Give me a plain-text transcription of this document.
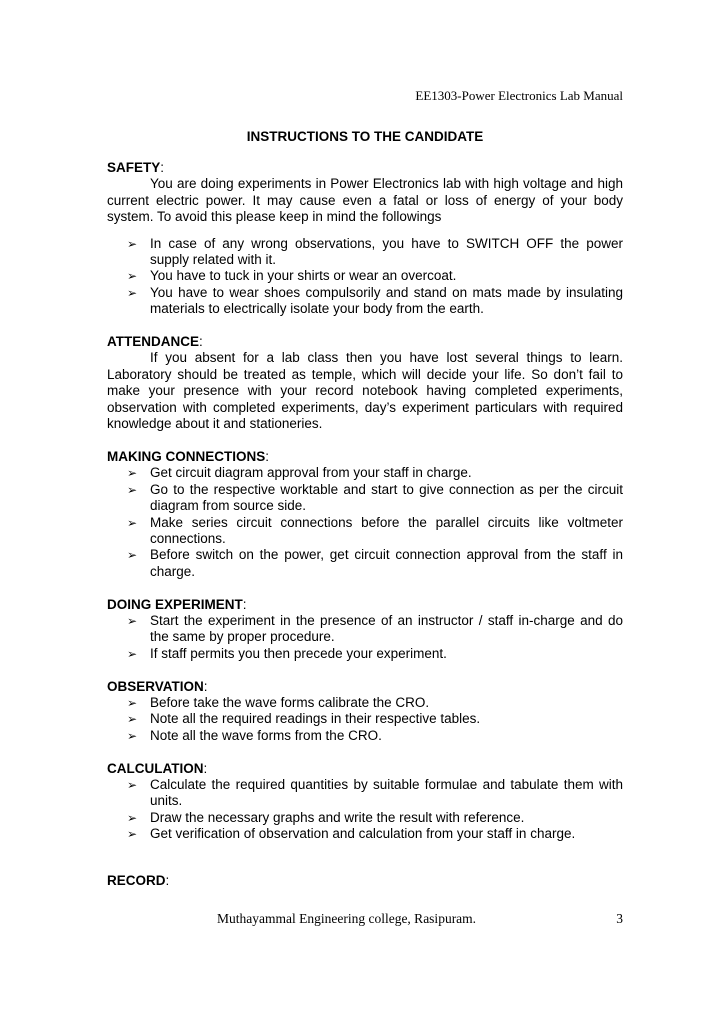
EE1303-Power Electronics Lab Manual
INSTRUCTIONS TO THE CANDIDATE
SAFETY:
You are doing experiments in Power Electronics lab with high voltage and high current electric power. It may cause even a fatal or loss of energy of your body system. To avoid this please keep in mind the followings
➢ In case of any wrong observations, you have to SWITCH OFF the power supply related with it.
➢ You have to tuck in your shirts or wear an overcoat.
➢ You have to wear shoes compulsorily and stand on mats made by insulating materials to electrically isolate your body from the earth.
ATTENDANCE:
If you absent for a lab class then you have lost several things to learn. Laboratory should be treated as temple, which will decide your life. So don’t fail to make your presence with your record notebook having completed experiments, observation with completed experiments, day’s experiment particulars with required knowledge about it and stationeries.
MAKING CONNECTIONS:
➢ Get circuit diagram approval from your staff in charge.
➢ Go to the respective worktable and start to give connection as per the circuit diagram from source side.
➢ Make series circuit connections before the parallel circuits like voltmeter connections.
➢ Before switch on the power, get circuit connection approval from the staff in charge.
DOING EXPERIMENT:
➢ Start the experiment in the presence of an instructor / staff in-charge and do the same by proper procedure.
➢ If staff permits you then precede your experiment.
OBSERVATION:
➢ Before take the wave forms calibrate the CRO.
➢ Note all the required readings in their respective tables.
➢ Note all the wave forms from the CRO.
CALCULATION:
➢ Calculate the required quantities by suitable formulae and tabulate them with units.
➢ Draw the necessary graphs and write the result with reference.
➢ Get verification of observation and calculation from your staff in charge.
RECORD:
Muthayammal Engineering college, Rasipuram.	3
